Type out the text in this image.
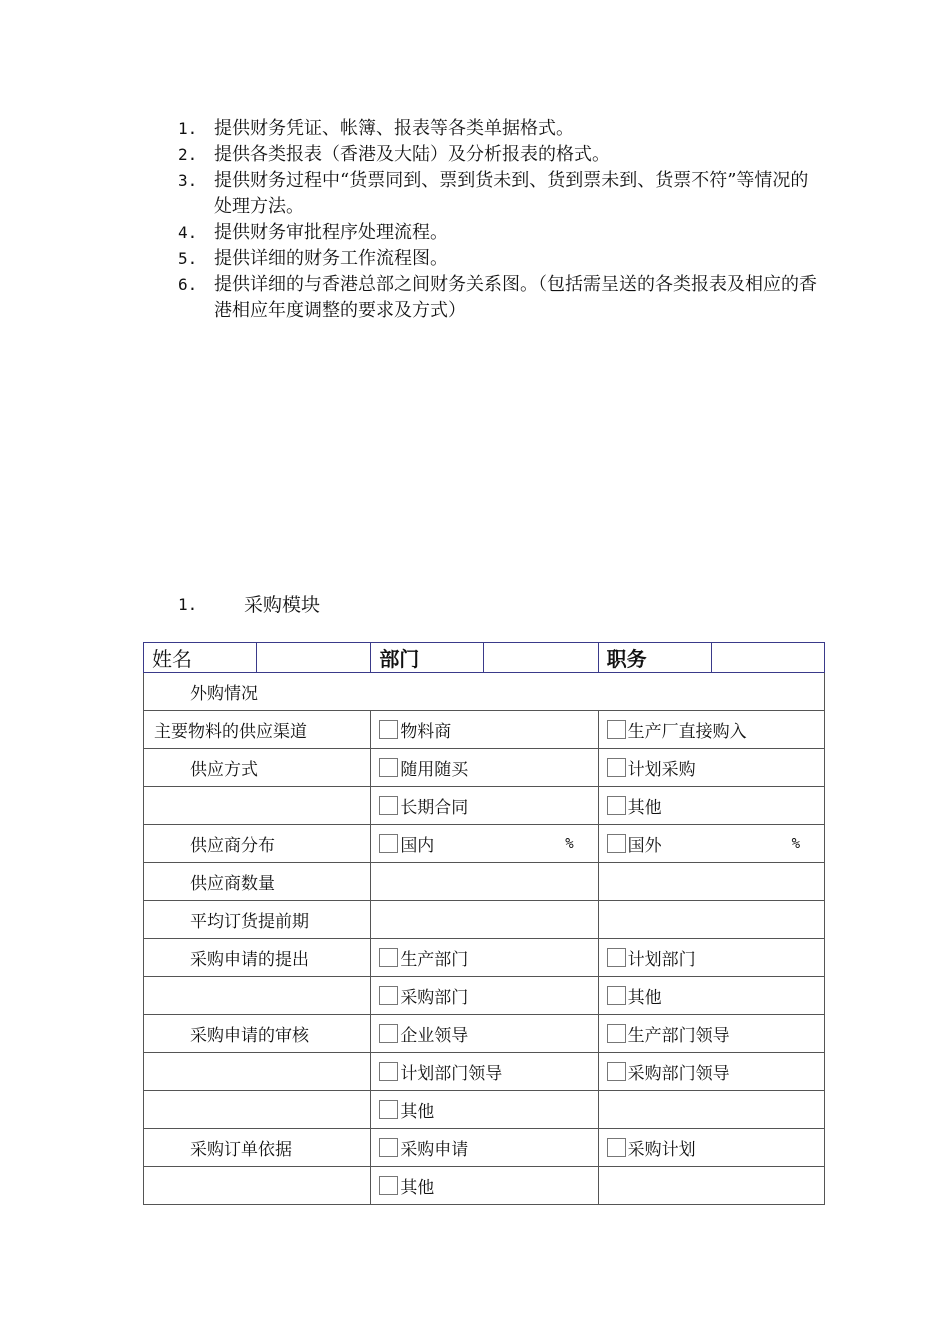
1. 提供财务凭证、帐簿、报表等各类单据格式。
2. 提供各类报表（香港及大陆）及分析报表的格式。
3. 提供财务过程中“货票同到、票到货未到、货到票未到、货票不符”等情况的处理方法。
4. 提供财务审批程序处理流程。
5. 提供详细的财务工作流程图。
6. 提供详细的与香港总部之间财务关系图。（包括需呈送的各类报表及相应的香港相应年度调整的要求及方式）
1.	采购模块
姓名		部门		职务	
外购情况					
主要物料的供应渠道		物料商		生产厂直接购入	

供应方式		随用随买		计划采购	

		长期合同		其他	

供应商分布		国内 %		国外 %	

供应商数量					
平均订货提前期					
采购申请的提出		生产部门		计划部门	

		采购部门		其他	

采购申请的审核		企业领导		生产部门领导	

		计划部门领导		采购部门领导	

		其他			

采购订单依据		采购申请		采购计划	

		其他			
